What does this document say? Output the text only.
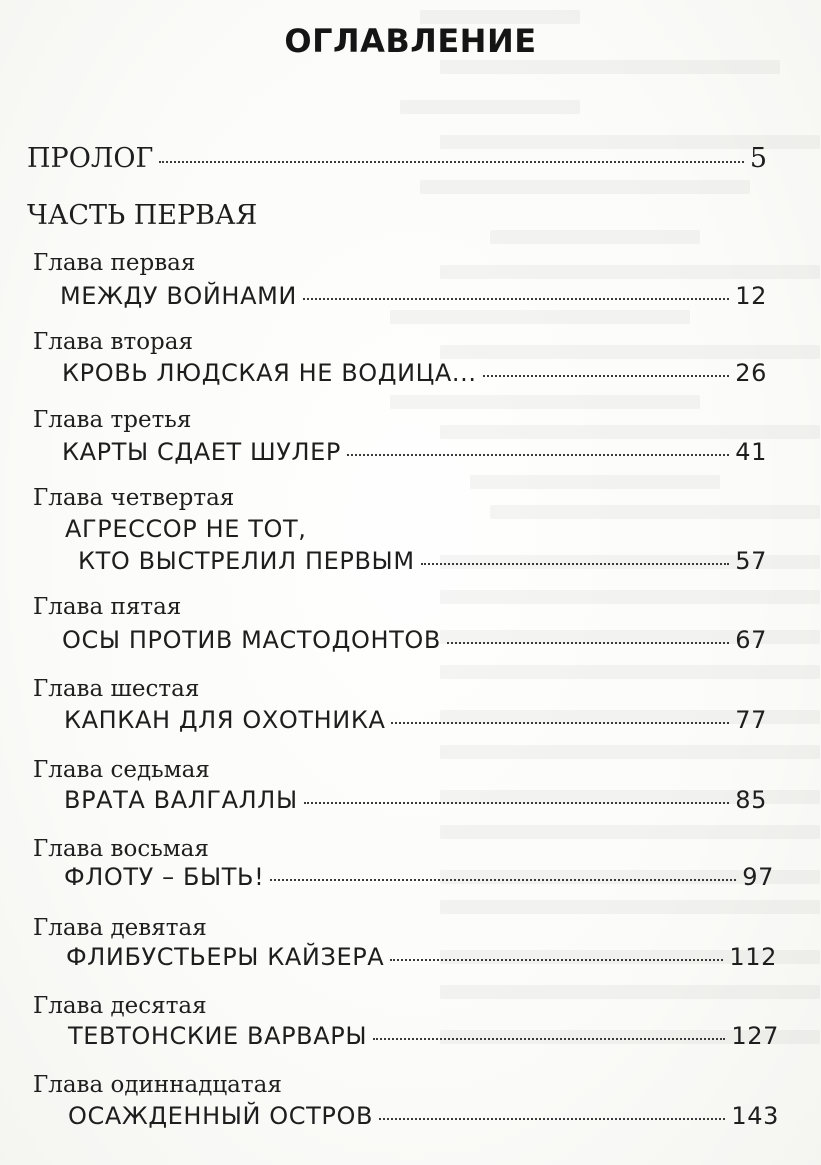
ОГЛАВЛЕНИЕ
ПРОЛОГ	5
ЧАСТЬ ПЕРВАЯ
Глава первая
МЕЖДУ ВОЙНАМИ	12
Глава вторая
КРОВЬ ЛЮДСКАЯ НЕ ВОДИЦА...	26
Глава третья
КАРТЫ СДАЕТ ШУЛЕР	41
Глава четвертая
АГРЕССОР НЕ ТОТ,
КТО ВЫСТРЕЛИЛ ПЕРВЫМ	57
Глава пятая
ОСЫ ПРОТИВ МАСТОДОНТОВ	67
Глава шестая
КАПКАН ДЛЯ ОХОТНИКА	77
Глава седьмая
ВРАТА ВАЛГАЛЛЫ	85
Глава восьмая
ФЛОТУ – БЫТЬ!	97
Глава девятая
ФЛИБУСТЬЕРЫ КАЙЗЕРА	112
Глава десятая
ТЕВТОНСКИЕ ВАРВАРЫ	127
Глава одиннадцатая
ОСАЖДЕННЫЙ ОСТРОВ	143
